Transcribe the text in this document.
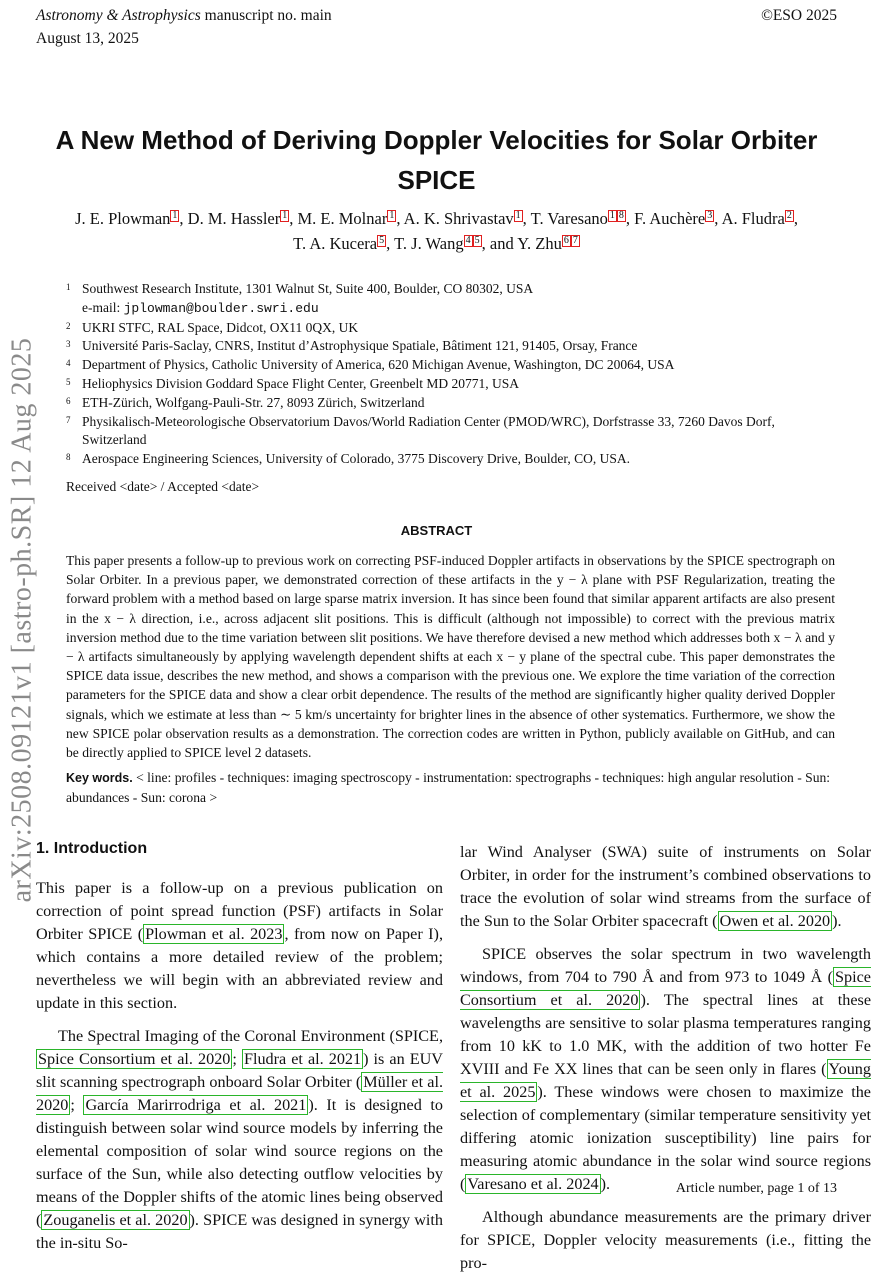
Astronomy & Astrophysics manuscript no. main
August 13, 2025
©ESO 2025
arXiv:2508.09121v1 [astro-ph.SR] 12 Aug 2025
A New Method of Deriving Doppler Velocities for Solar Orbiter SPICE
J. E. Plowman 1 , D. M. Hassler 1 , M. E. Molnar 1 , A. K. Shrivastav 1 , T. Varesano 1 8 , F. Auchère 3 , A. Fludra 2 ,
T. A. Kucera 5 , T. J. Wang 4 5 , and Y. Zhu 6 7
1 Southwest Research Institute, 1301 Walnut St, Suite 400, Boulder, CO 80302, USA
e-mail: jplowman@boulder.swri.edu
2 UKRI STFC, RAL Space, Didcot, OX11 0QX, UK
3 Université Paris-Saclay, CNRS, Institut d’Astrophysique Spatiale, Bâtiment 121, 91405, Orsay, France
4 Department of Physics, Catholic University of America, 620 Michigan Avenue, Washington, DC 20064, USA
5 Heliophysics Division Goddard Space Flight Center, Greenbelt MD 20771, USA
6 ETH-Zürich, Wolfgang-Pauli-Str. 27, 8093 Zürich, Switzerland
7 Physikalisch-Meteorologische Observatorium Davos/World Radiation Center (PMOD/WRC), Dorfstrasse 33, 7260 Davos Dorf, Switzerland
8 Aerospace Engineering Sciences, University of Colorado, 3775 Discovery Drive, Boulder, CO, USA.
Received <date> / Accepted <date>
ABSTRACT
This paper presents a follow-up to previous work on correcting PSF-induced Doppler artifacts in observations by the SPICE spectrograph on Solar Orbiter. In a previous paper, we demonstrated correction of these artifacts in the y − λ plane with PSF Regularization, treating the forward problem with a method based on large sparse matrix inversion. It has since been found that similar apparent artifacts are also present in the x − λ direction, i.e., across adjacent slit positions. This is difficult (although not impossible) to correct with the previous matrix inversion method due to the time variation between slit positions. We have therefore devised a new method which addresses both x − λ and y − λ artifacts simultaneously by applying wavelength dependent shifts at each x − y plane of the spectral cube. This paper demonstrates the SPICE data issue, describes the new method, and shows a comparison with the previous one. We explore the time variation of the correction parameters for the SPICE data and show a clear orbit dependence. The results of the method are significantly higher quality derived Doppler signals, which we estimate at less than ∼ 5 km/s uncertainty for brighter lines in the absence of other systematics. Furthermore, we show the new SPICE polar observation results as a demonstration. The correction codes are written in Python, publicly available on GitHub, and can be directly applied to SPICE level 2 datasets.
Key words. < line: profiles - techniques: imaging spectroscopy - instrumentation: spectrographs - techniques: high angular resolution - Sun: abundances - Sun: corona >
1. Introduction

This paper is a follow-up on a previous publication on correction of point spread function (PSF) artifacts in Solar Orbiter SPICE ( Plowman et al. 2023 , from now on Paper I), which contains a more detailed review of the problem; nevertheless we will begin with an abbreviated review and update in this section.

The Spectral Imaging of the Coronal Environment (SPICE, Spice Consortium et al. 2020 ; Fludra et al. 2021 ) is an EUV slit scanning spectrograph onboard Solar Orbiter ( Müller et al. 2020 ; García Marirrodriga et al. 2021 ). It is designed to distinguish between solar wind source models by inferring the elemental composition of solar wind source regions on the surface of the Sun, while also detecting outflow velocities by means of the Doppler shifts of the atomic lines being observed ( Zouganelis et al. 2020 ). SPICE was designed in synergy with the in-situ So-

lar Wind Analyser (SWA) suite of instruments on Solar Orbiter, in order for the instrument’s combined observations to trace the evolution of solar wind streams from the surface of the Sun to the Solar Orbiter spacecraft ( Owen et al. 2020 ).

SPICE observes the solar spectrum in two wavelength windows, from 704 to 790 Å and from 973 to 1049 Å ( Spice Consortium et al. 2020 ). The spectral lines at these wavelengths are sensitive to solar plasma temperatures ranging from 10 kK to 1.0 MK, with the addition of two hotter Fe XVIII and Fe XX lines that can be seen only in flares ( Young et al. 2025 ). These windows were chosen to maximize the selection of complementary (similar temperature sensitivity yet differing atomic ionization susceptibility) line pairs for measuring atomic abundance in the solar wind source regions ( Varesano et al. 2024 ).

Although abundance measurements are the primary driver for SPICE, Doppler velocity measurements (i.e., fitting the pro-

Article number, page 1 of 13
